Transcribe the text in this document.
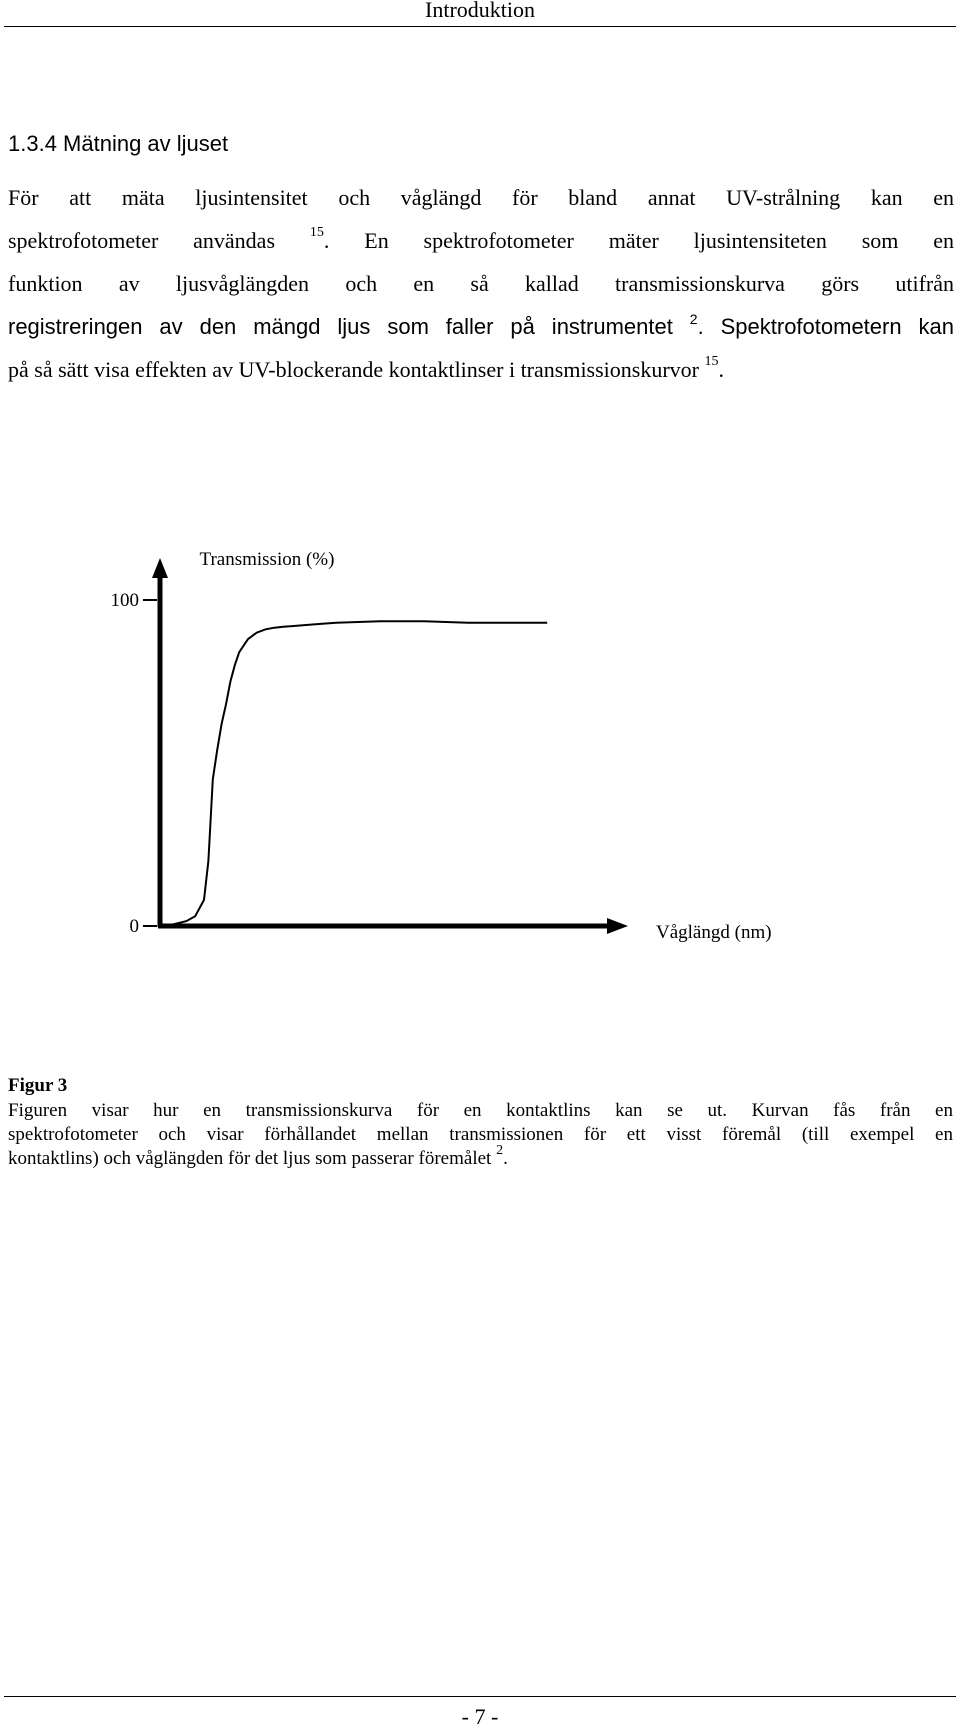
Introduktion
1.3.4 Mätning av ljuset
För att mäta ljusintensitet och våglängd för bland annat UV-strålning kan en
spektrofotometer användas $^{15}$. En spektrofotometer mäter ljusintensiteten som en
funktion av ljusvåglängden och en så kallad transmissionskurva görs utifrån
registreringen av den mängd ljus som faller på instrumentet $^2$. Spektrofotometern kan
på så sätt visa effekten av UV-blockerande kontaktlinser i transmissionskurvor $^{15}$.
Transmission (%)
100
0	Våglängd (nm)
Figur 3
Figuren visar hur en transmissionskurva för en kontaktlins kan se ut. Kurvan fås från en
spektrofotometer och visar förhållandet mellan transmissionen för ett visst föremål (till exempel en
kontaktlins) och våglängden för det ljus som passerar föremålet $^2$.
- 7 -
